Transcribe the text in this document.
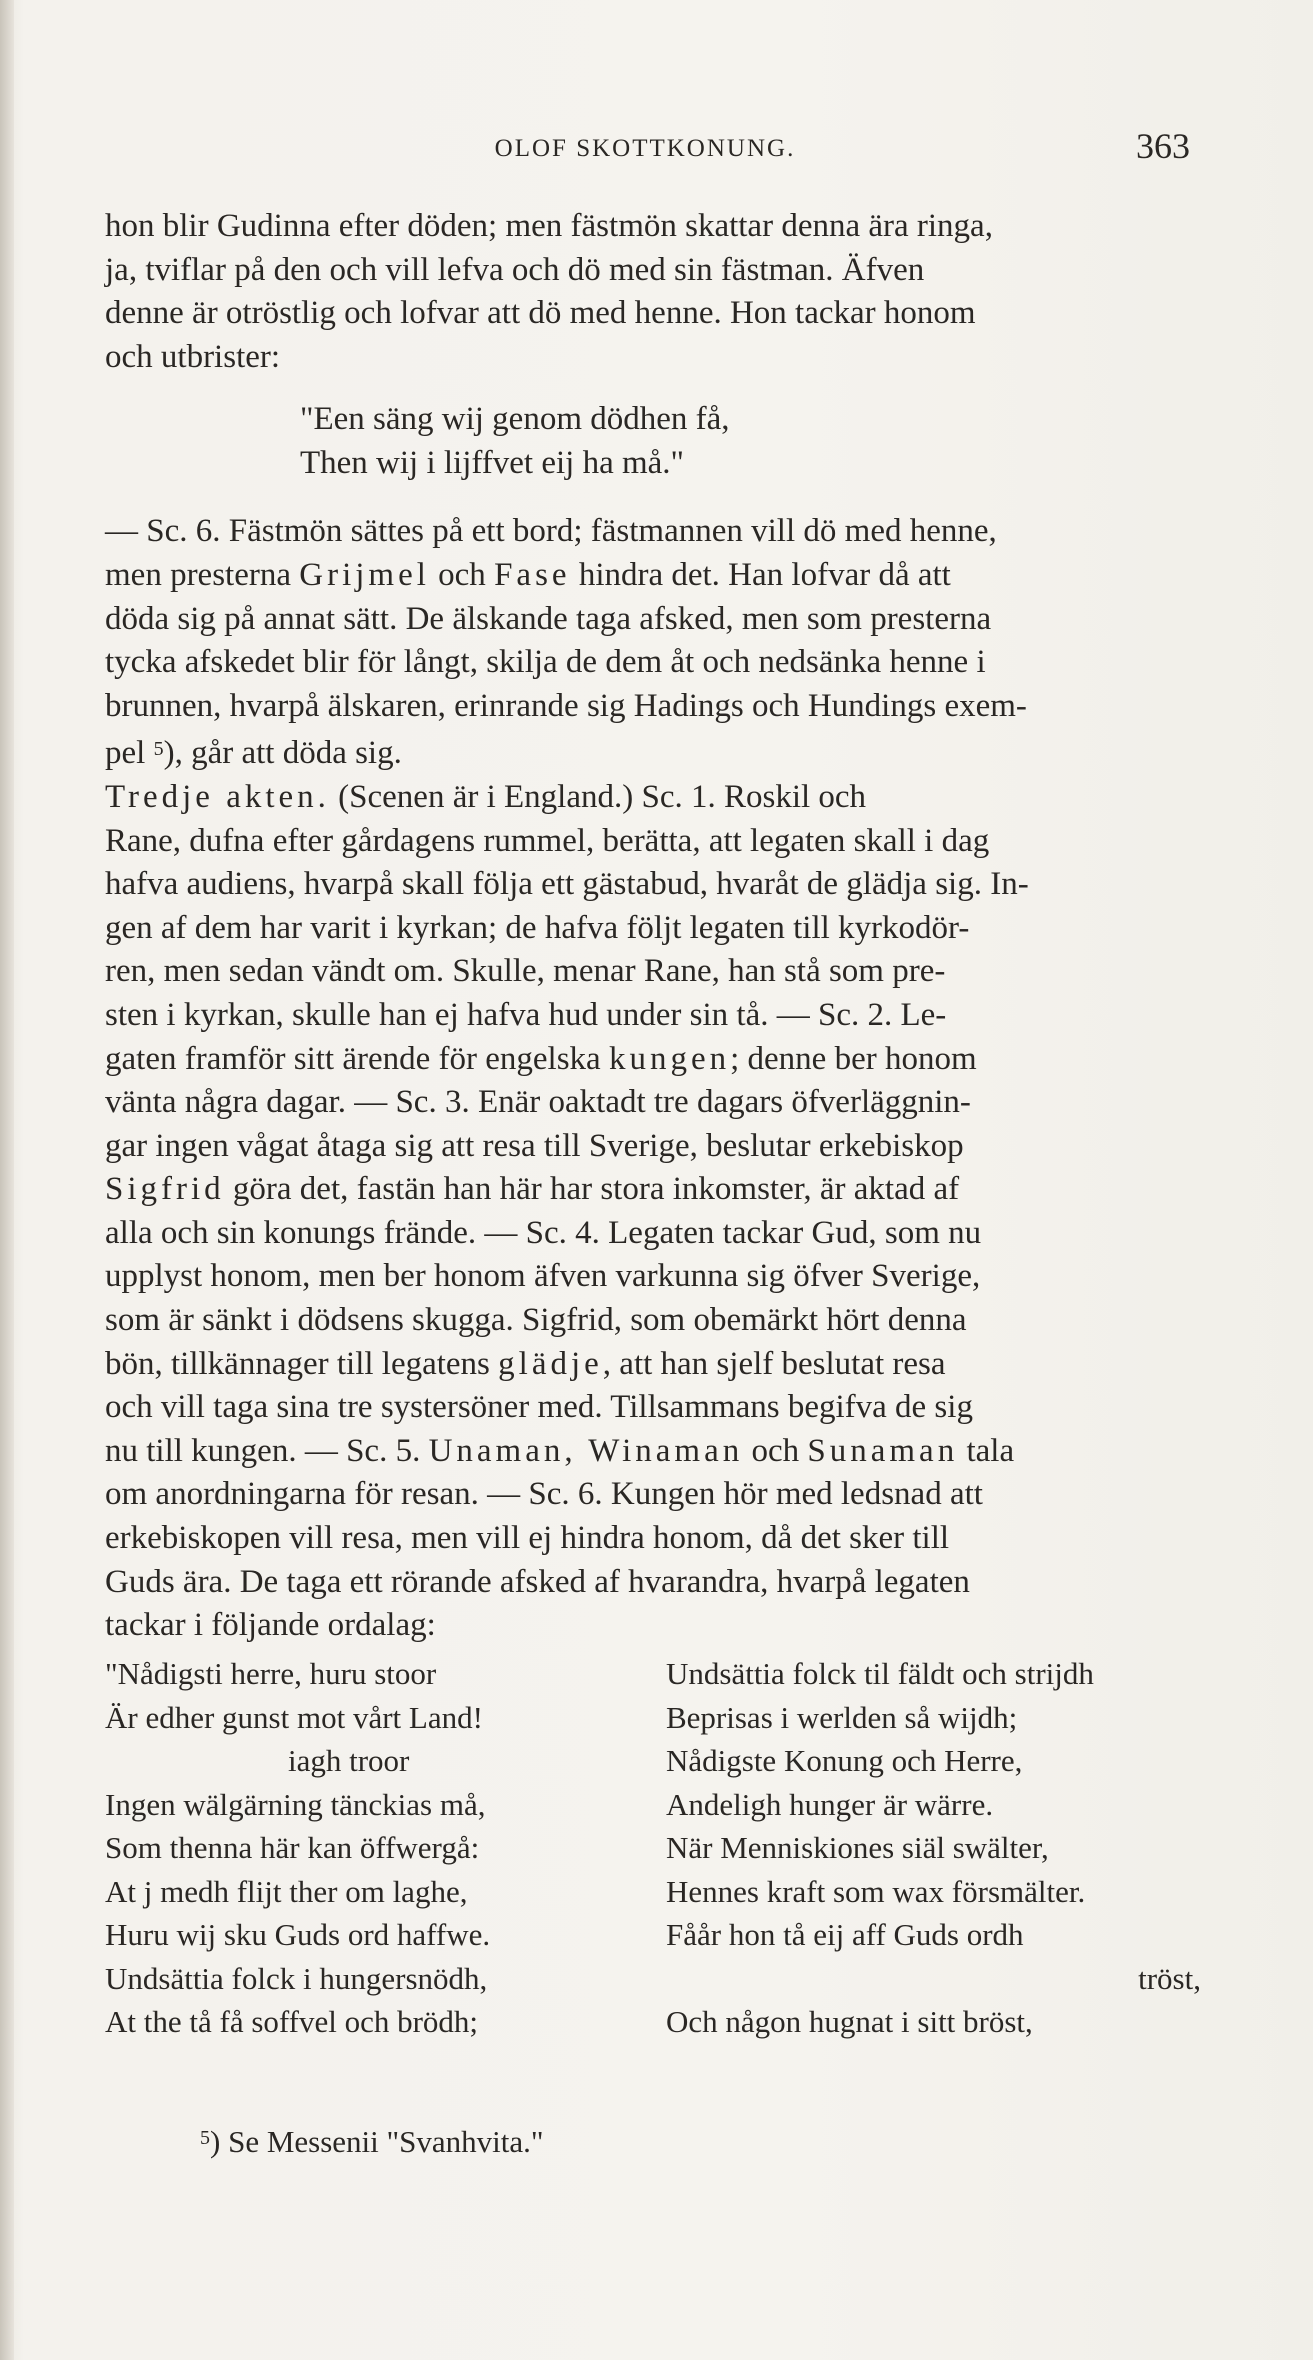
OLOF SKOTTKONUNG.	363

hon blir Gudinna efter döden; men fästmön skattar denna ära ringa,
ja, tviflar på den och vill lefva och dö med sin fästman. Äfven
denne är otröstlig och lofvar att dö med henne. Hon tackar honom
och utbrister:

— Sc. 6. Fästmön sättes på ett bord; fästmannen vill dö med henne,
men presterna Grijmel och Fase hindra det. Han lofvar då att
döda sig på annat sätt. De älskande taga afsked, men som presterna
tycka afskedet blir för långt, skilja de dem åt och nedsänka henne i
brunnen, hvarpå älskaren, erinrande sig Hadings och Hundings exem-
pel $^5$), går att döda sig.

Tredje akten. (Scenen är i England.) Sc. 1. Roskil och
Rane, dufna efter gårdagens rummel, berätta, att legaten skall i dag
hafva audiens, hvarpå skall följa ett gästabud, hvaråt de glädja sig. In-
gen af dem har varit i kyrkan; de hafva följt legaten till kyrkodör-
ren, men sedan vändt om. Skulle, menar Rane, han stå som pre-
sten i kyrkan, skulle han ej hafva hud under sin tå. — Sc. 2. Le-
gaten framför sitt ärende för engelska kungen; denne ber honom
vänta några dagar. — Sc. 3. Enär oaktadt tre dagars öfverläggnin-
gar ingen vågat åtaga sig att resa till Sverige, beslutar erkebiskop
Sigfrid göra det, fastän han här har stora inkomster, är aktad af
alla och sin konungs frände. — Sc. 4. Legaten tackar Gud, som nu
upplyst honom, men ber honom äfven varkunna sig öfver Sverige,
som är sänkt i dödsens skugga. Sigfrid, som obemärkt hört denna
bön, tillkännager till legatens glädje, att han sjelf beslutat resa
och vill taga sina tre systersöner med. Tillsammans begifva de sig
nu till kungen. — Sc. 5. Unaman, Winaman och Sunaman tala
om anordningarna för resan. — Sc. 6. Kungen hör med ledsnad att
erkebiskopen vill resa, men vill ej hindra honom, då det sker till
Guds ära. De taga ett rörande afsked af hvarandra, hvarpå legaten
tackar i följande ordalag:

"Een säng wij genom dödhen få,
Then wij i lijffvet eij ha må."
"Nådigsti herre, huru stoor
Är edher gunst mot vårt Land!
iagh troor
Ingen wälgärning tänckias må,
Som thenna här kan öffwergå:
At j medh flijt ther om laghe,
Huru wij sku Guds ord haffwe.
Undsättia folck i hungersnödh,
At the tå få soffvel och brödh;
Undsättia folck til fäldt och strijdh
Beprisas i werlden så wijdh;
Nådigste Konung och Herre,
Andeligh hunger är wärre.
När Menniskiones siäl swälter,
Hennes kraft som wax försmälter.
Fåår hon tå eij aff Guds ordh
tröst,
Och någon hugnat i sitt bröst,
$^5$) Se Messenii "Svanhvita."
